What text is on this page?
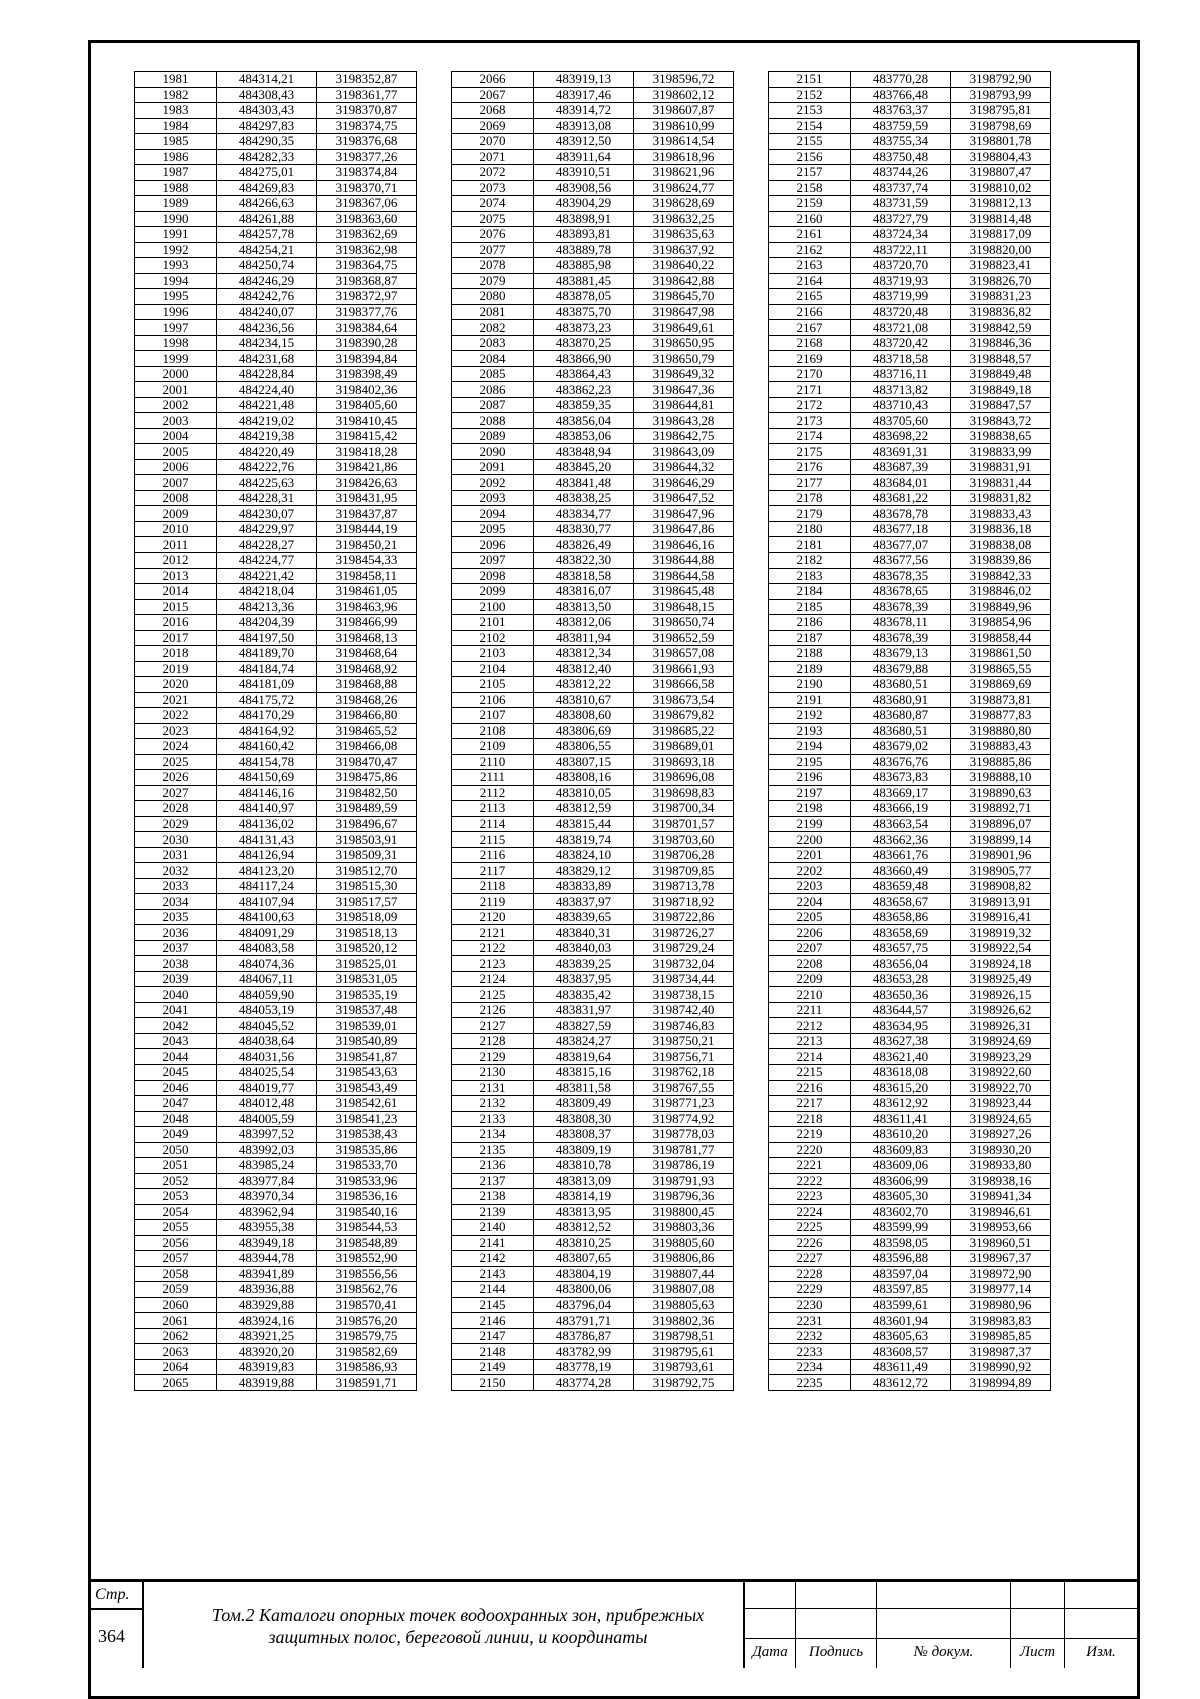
1981	484314,21	3198352,87
1982	484308,43	3198361,77
1983	484303,43	3198370,87
1984	484297,83	3198374,75
1985	484290,35	3198376,68
1986	484282,33	3198377,26
1987	484275,01	3198374,84
1988	484269,83	3198370,71
1989	484266,63	3198367,06
1990	484261,88	3198363,60
1991	484257,78	3198362,69
1992	484254,21	3198362,98
1993	484250,74	3198364,75
1994	484246,29	3198368,87
1995	484242,76	3198372,97
1996	484240,07	3198377,76
1997	484236,56	3198384,64
1998	484234,15	3198390,28
1999	484231,68	3198394,84
2000	484228,84	3198398,49
2001	484224,40	3198402,36
2002	484221,48	3198405,60
2003	484219,02	3198410,45
2004	484219,38	3198415,42
2005	484220,49	3198418,28
2006	484222,76	3198421,86
2007	484225,63	3198426,63
2008	484228,31	3198431,95
2009	484230,07	3198437,87
2010	484229,97	3198444,19
2011	484228,27	3198450,21
2012	484224,77	3198454,33
2013	484221,42	3198458,11
2014	484218,04	3198461,05
2015	484213,36	3198463,96
2016	484204,39	3198466,99
2017	484197,50	3198468,13
2018	484189,70	3198468,64
2019	484184,74	3198468,92
2020	484181,09	3198468,88
2021	484175,72	3198468,26
2022	484170,29	3198466,80
2023	484164,92	3198465,52
2024	484160,42	3198466,08
2025	484154,78	3198470,47
2026	484150,69	3198475,86
2027	484146,16	3198482,50
2028	484140,97	3198489,59
2029	484136,02	3198496,67
2030	484131,43	3198503,91
2031	484126,94	3198509,31
2032	484123,20	3198512,70
2033	484117,24	3198515,30
2034	484107,94	3198517,57
2035	484100,63	3198518,09
2036	484091,29	3198518,13
2037	484083,58	3198520,12
2038	484074,36	3198525,01
2039	484067,11	3198531,05
2040	484059,90	3198535,19
2041	484053,19	3198537,48
2042	484045,52	3198539,01
2043	484038,64	3198540,89
2044	484031,56	3198541,87
2045	484025,54	3198543,63
2046	484019,77	3198543,49
2047	484012,48	3198542,61
2048	484005,59	3198541,23
2049	483997,52	3198538,43
2050	483992,03	3198535,86
2051	483985,24	3198533,70
2052	483977,84	3198533,96
2053	483970,34	3198536,16
2054	483962,94	3198540,16
2055	483955,38	3198544,53
2056	483949,18	3198548,89
2057	483944,78	3198552,90
2058	483941,89	3198556,56
2059	483936,88	3198562,76
2060	483929,88	3198570,41
2061	483924,16	3198576,20
2062	483921,25	3198579,75
2063	483920,20	3198582,69
2064	483919,83	3198586,93
2065	483919,88	3198591,71
2066	483919,13	3198596,72
2067	483917,46	3198602,12
2068	483914,72	3198607,87
2069	483913,08	3198610,99
2070	483912,50	3198614,54
2071	483911,64	3198618,96
2072	483910,51	3198621,96
2073	483908,56	3198624,77
2074	483904,29	3198628,69
2075	483898,91	3198632,25
2076	483893,81	3198635,63
2077	483889,78	3198637,92
2078	483885,98	3198640,22
2079	483881,45	3198642,88
2080	483878,05	3198645,70
2081	483875,70	3198647,98
2082	483873,23	3198649,61
2083	483870,25	3198650,95
2084	483866,90	3198650,79
2085	483864,43	3198649,32
2086	483862,23	3198647,36
2087	483859,35	3198644,81
2088	483856,04	3198643,28
2089	483853,06	3198642,75
2090	483848,94	3198643,09
2091	483845,20	3198644,32
2092	483841,48	3198646,29
2093	483838,25	3198647,52
2094	483834,77	3198647,96
2095	483830,77	3198647,86
2096	483826,49	3198646,16
2097	483822,30	3198644,88
2098	483818,58	3198644,58
2099	483816,07	3198645,48
2100	483813,50	3198648,15
2101	483812,06	3198650,74
2102	483811,94	3198652,59
2103	483812,34	3198657,08
2104	483812,40	3198661,93
2105	483812,22	3198666,58
2106	483810,67	3198673,54
2107	483808,60	3198679,82
2108	483806,69	3198685,22
2109	483806,55	3198689,01
2110	483807,15	3198693,18
2111	483808,16	3198696,08
2112	483810,05	3198698,83
2113	483812,59	3198700,34
2114	483815,44	3198701,57
2115	483819,74	3198703,60
2116	483824,10	3198706,28
2117	483829,12	3198709,85
2118	483833,89	3198713,78
2119	483837,97	3198718,92
2120	483839,65	3198722,86
2121	483840,31	3198726,27
2122	483840,03	3198729,24
2123	483839,25	3198732,04
2124	483837,95	3198734,44
2125	483835,42	3198738,15
2126	483831,97	3198742,40
2127	483827,59	3198746,83
2128	483824,27	3198750,21
2129	483819,64	3198756,71
2130	483815,16	3198762,18
2131	483811,58	3198767,55
2132	483809,49	3198771,23
2133	483808,30	3198774,92
2134	483808,37	3198778,03
2135	483809,19	3198781,77
2136	483810,78	3198786,19
2137	483813,09	3198791,93
2138	483814,19	3198796,36
2139	483813,95	3198800,45
2140	483812,52	3198803,36
2141	483810,25	3198805,60
2142	483807,65	3198806,86
2143	483804,19	3198807,44
2144	483800,06	3198807,08
2145	483796,04	3198805,63
2146	483791,71	3198802,36
2147	483786,87	3198798,51
2148	483782,99	3198795,61
2149	483778,19	3198793,61
2150	483774,28	3198792,75
2151	483770,28	3198792,90
2152	483766,48	3198793,99
2153	483763,37	3198795,81
2154	483759,59	3198798,69
2155	483755,34	3198801,78
2156	483750,48	3198804,43
2157	483744,26	3198807,47
2158	483737,74	3198810,02
2159	483731,59	3198812,13
2160	483727,79	3198814,48
2161	483724,34	3198817,09
2162	483722,11	3198820,00
2163	483720,70	3198823,41
2164	483719,93	3198826,70
2165	483719,99	3198831,23
2166	483720,48	3198836,82
2167	483721,08	3198842,59
2168	483720,42	3198846,36
2169	483718,58	3198848,57
2170	483716,11	3198849,48
2171	483713,82	3198849,18
2172	483710,43	3198847,57
2173	483705,60	3198843,72
2174	483698,22	3198838,65
2175	483691,31	3198833,99
2176	483687,39	3198831,91
2177	483684,01	3198831,44
2178	483681,22	3198831,82
2179	483678,78	3198833,43
2180	483677,18	3198836,18
2181	483677,07	3198838,08
2182	483677,56	3198839,86
2183	483678,35	3198842,33
2184	483678,65	3198846,02
2185	483678,39	3198849,96
2186	483678,11	3198854,96
2187	483678,39	3198858,44
2188	483679,13	3198861,50
2189	483679,88	3198865,55
2190	483680,51	3198869,69
2191	483680,91	3198873,81
2192	483680,87	3198877,83
2193	483680,51	3198880,80
2194	483679,02	3198883,43
2195	483676,76	3198885,86
2196	483673,83	3198888,10
2197	483669,17	3198890,63
2198	483666,19	3198892,71
2199	483663,54	3198896,07
2200	483662,36	3198899,14
2201	483661,76	3198901,96
2202	483660,49	3198905,77
2203	483659,48	3198908,82
2204	483658,67	3198913,91
2205	483658,86	3198916,41
2206	483658,69	3198919,32
2207	483657,75	3198922,54
2208	483656,04	3198924,18
2209	483653,28	3198925,49
2210	483650,36	3198926,15
2211	483644,57	3198926,62
2212	483634,95	3198926,31
2213	483627,38	3198924,69
2214	483621,40	3198923,29
2215	483618,08	3198922,60
2216	483615,20	3198922,70
2217	483612,92	3198923,44
2218	483611,41	3198924,65
2219	483610,20	3198927,26
2220	483609,83	3198930,20
2221	483609,06	3198933,80
2222	483606,99	3198938,16
2223	483605,30	3198941,34
2224	483602,70	3198946,61
2225	483599,99	3198953,66
2226	483598,05	3198960,51
2227	483596,88	3198967,37
2228	483597,04	3198972,90
2229	483597,85	3198977,14
2230	483599,61	3198980,96
2231	483601,94	3198983,83
2232	483605,63	3198985,85
2233	483608,57	3198987,37
2234	483611,49	3198990,92
2235	483612,72	3198994,89
Стр.
364
Том.2 Каталоги опорных точек водоохранных зон, прибрежных
защитных полос, береговой линии, и координаты
Дата	Подпись	№ докум.	Лист	Изм.
